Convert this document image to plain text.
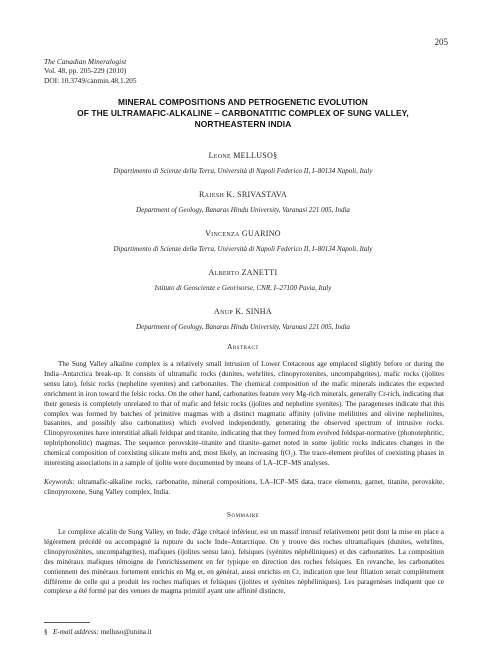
205
The Canadian Mineralogist
Vol. 48, pp. 205-229 (2010)
DOI: 10.3749/canmin.48.1.205
MINERAL COMPOSITIONS AND PETROGENETIC EVOLUTION
OF THE ULTRAMAFIC-ALKALINE – CARBONATITIC COMPLEX OF SUNG VALLEY,
NORTHEASTERN INDIA
Leone MELLUSO§
Dipartimento di Scienze della Terra, Università di Napoli Federico II, I–80134 Napoli, Italy
Rajesh K. SRIVASTAVA
Department of Geology, Banaras Hindu University, Varanasi 221 005, India
Vincenza GUARINO
Dipartimento di Scienze della Terra, Università di Napoli Federico II, I–80134 Napoli, Italy
Alberto ZANETTI
Istituto di Geoscienze e Georisorse, CNR, I–27100 Pavia, Italy
Anup K. SINHA
Department of Geology, Banaras Hindu University, Varanasi 221 005, India
Abstract

The Sung Valley alkaline complex is a relatively small intrusion of Lower Cretaceous age emplaced slightly before or during the India–Antarctica break-up. It consists of ultramafic rocks (dunites, wehrlites, clinopyroxenites, uncompahgrites), mafic rocks (ijolites sensu lato), felsic rocks (nepheline syenites) and carbonatites. The chemical composition of the mafic minerals indicates the expected enrichment in iron toward the felsic rocks. On the other hand, carbonatites feature very Mg-rich minerals, generally Cr-rich, indicating that their genesis is completely unrelated to that of mafic and felsic rocks (ijolites and nepheline syenites). The parageneses indicate that this complex was formed by batches of primitive magmas with a distinct magmatic affinity (olivine melilitites and olivine nephelinites, basanites, and possibly also carbonatites) which evolved independently, generating the observed spectrum of intrusive rocks. Clinopyroxenites have interstitial alkali feldspar and titanite, indicating that they formed from evolved feldspar-normative (phonotephritic, tephriphonolitic) magmas. The sequence perovskite–titanite and titanite–garnet noted in some ijolitic rocks indicates changes in the chemical composition of coexisting silicate melts and, most likely, an increasing f(O₂). The trace-element profiles of coexisting phases in interesting associations in a sample of ijolite were documented by means of LA–ICP–MS analyses.

Keywords: ultramafic-alkaline rocks, carbonatite, mineral compositions, LA–ICP–MS data, trace elements, garnet, titanite, perovskite, clinopyroxene, Sung Valley complex, India.

Sommaire

Le complexe alcalin de Sung Valley, en Inde, d'âge crétacé inférieur, est un massif intrusif relativement petit dont la mise en place a légèrement précédé ou accompagné la rupture du socle Inde–Antarctique. On y trouve des roches ultramafiques (dunites, wehrlites, clinopyroxénites, uncompahgrites), mafiques (ijolites sensu lato), felsiques (syénites néphéliniques) et des carbonatites. La composition des minéraux mafiques témoigne de l'enrichissement en fer typique en direction des roches felsiques. En revanche, les carbonatites contiennent des minéraux fortement enrichis en Mg et, en général, aussi enrichis en Cr, indication que leur filiation serait complètement différente de celle qui a produit les roches mafiques et felsiques (ijolites et syénites néphéliniques). Les paragenèses indiquent que ce complexe a été formé par des venues de magma primitif ayant une affinité distincte,

§ E-mail address: melluso@unina.it
